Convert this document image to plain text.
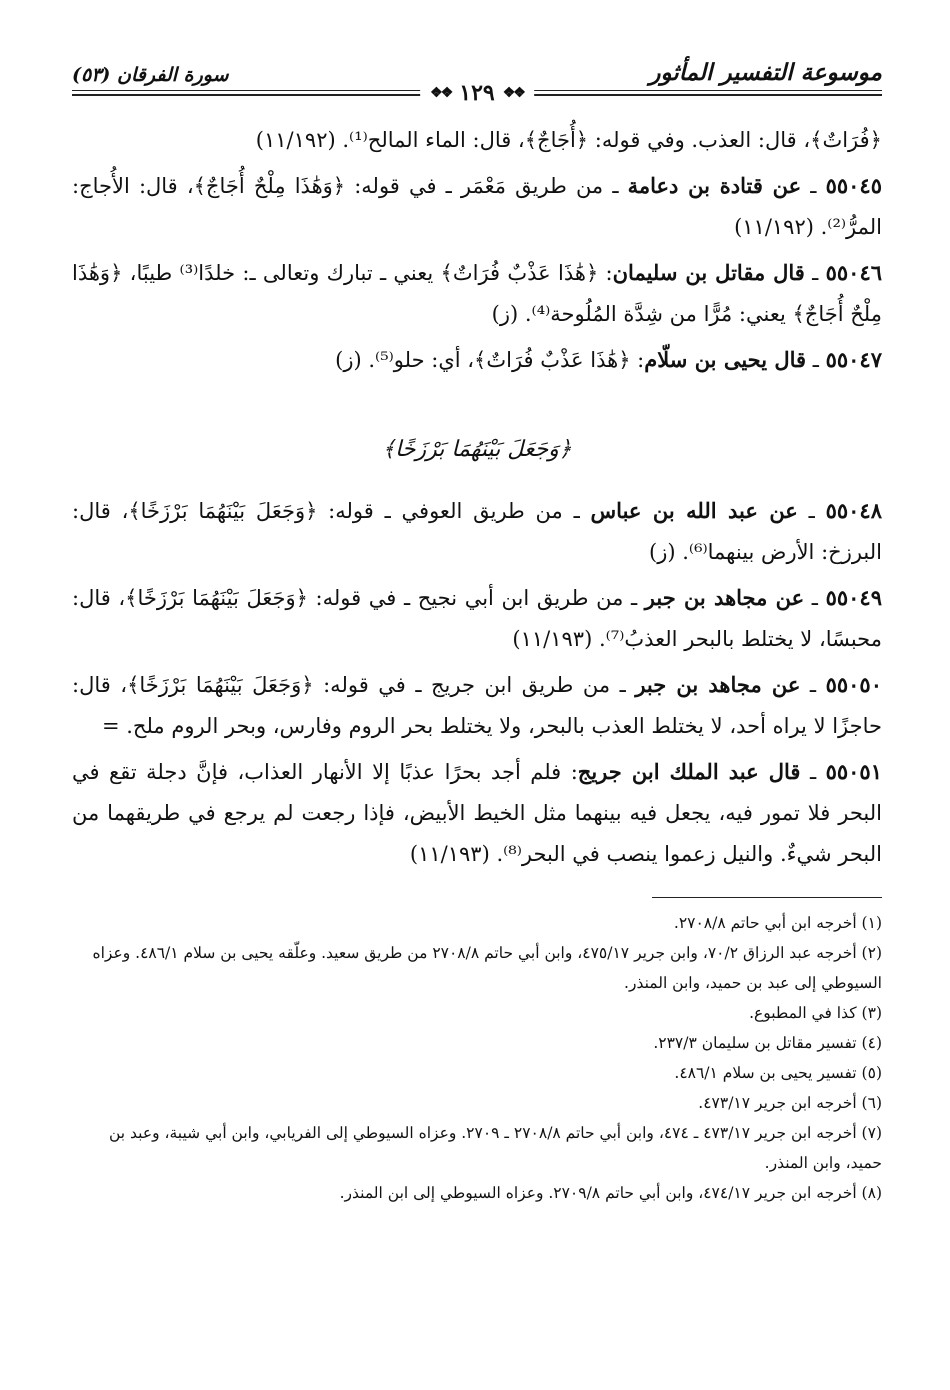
موسوعة التفسير المأثور
سورة الفرقان (٥٣)
❖❖
١٢٩
❖❖

﴿فُرَاتٌ﴾، قال: العذب. وفي قوله: ﴿أُجَاجٌ﴾، قال: الماء المالح⁽¹⁾. (١١/١٩٢)

٥٥٠٤٥ ـ عن قتادة بن دعامة ـ من طريق مَعْمَر ـ في قوله: ﴿وَهَٰذَا مِلْحٌ أُجَاجٌ﴾، قال: الأُجاج: المرُّ⁽²⁾. (١١/١٩٢)

٥٥٠٤٦ ـ قال مقاتل بن سليمان: ﴿هَٰذَا عَذْبٌ فُرَاتٌ﴾ يعني ـ تبارك وتعالى ـ: خلدًا⁽³⁾ طيبًا، ﴿وَهَٰذَا مِلْحٌ أُجَاجٌ﴾ يعني: مُرًّا من شِدَّة المُلُوحة⁽⁴⁾. (ز)

٥٥٠٤٧ ـ قال يحيى بن سلّام: ﴿هَٰذَا عَذْبٌ فُرَاتٌ﴾، أي: حلو⁽⁵⁾. (ز)

﴿وَجَعَلَ بَيْنَهُمَا بَرْزَخًا﴾

٥٥٠٤٨ ـ عن عبد الله بن عباس ـ من طريق العوفي ـ قوله: ﴿وَجَعَلَ بَيْنَهُمَا بَرْزَخًا﴾، قال: البرزخ: الأرض بينهما⁽⁶⁾. (ز)

٥٥٠٤٩ ـ عن مجاهد بن جبر ـ من طريق ابن أبي نجيح ـ في قوله: ﴿وَجَعَلَ بَيْنَهُمَا بَرْزَخًا﴾، قال: محبسًا، لا يختلط بالبحر العذبُ⁽⁷⁾. (١١/١٩٣)

٥٥٠٥٠ ـ عن مجاهد بن جبر ـ من طريق ابن جريج ـ في قوله: ﴿وَجَعَلَ بَيْنَهُمَا بَرْزَخًا﴾، قال: حاجزًا لا يراه أحد، لا يختلط العذب بالبحر، ولا يختلط بحر الروم وفارس، وبحر الروم ملح. =

٥٥٠٥١ ـ قال عبد الملك ابن جريج: فلم أجد بحرًا عذبًا إلا الأنهار العذاب، فإنَّ دجلة تقع في البحر فلا تمور فيه، يجعل فيه بينهما مثل الخيط الأبيض، فإذا رجعت لم يرجع في طريقهما من البحر شيءٌ. والنيل زعموا ينصب في البحر⁽⁸⁾. (١١/١٩٣)

(١) أخرجه ابن أبي حاتم ٢٧٠٨/٨.

(٢) أخرجه عبد الرزاق ٧٠/٢، وابن جرير ٤٧٥/١٧، وابن أبي حاتم ٢٧٠٨/٨ من طريق سعيد. وعلّقه يحيى بن سلام ٤٨٦/١. وعزاه السيوطي إلى عبد بن حميد، وابن المنذر.

(٣) كذا في المطبوع.

(٤) تفسير مقاتل بن سليمان ٢٣٧/٣.

(٥) تفسير يحيى بن سلام ٤٨٦/١.

(٦) أخرجه ابن جرير ٤٧٣/١٧.

(٧) أخرجه ابن جرير ٤٧٣/١٧ ـ ٤٧٤، وابن أبي حاتم ٢٧٠٨/٨ ـ ٢٧٠٩. وعزاه السيوطي إلى الفريابي، وابن أبي شيبة، وعبد بن حميد، وابن المنذر.

(٨) أخرجه ابن جرير ٤٧٤/١٧، وابن أبي حاتم ٢٧٠٩/٨. وعزاه السيوطي إلى ابن المنذر.
